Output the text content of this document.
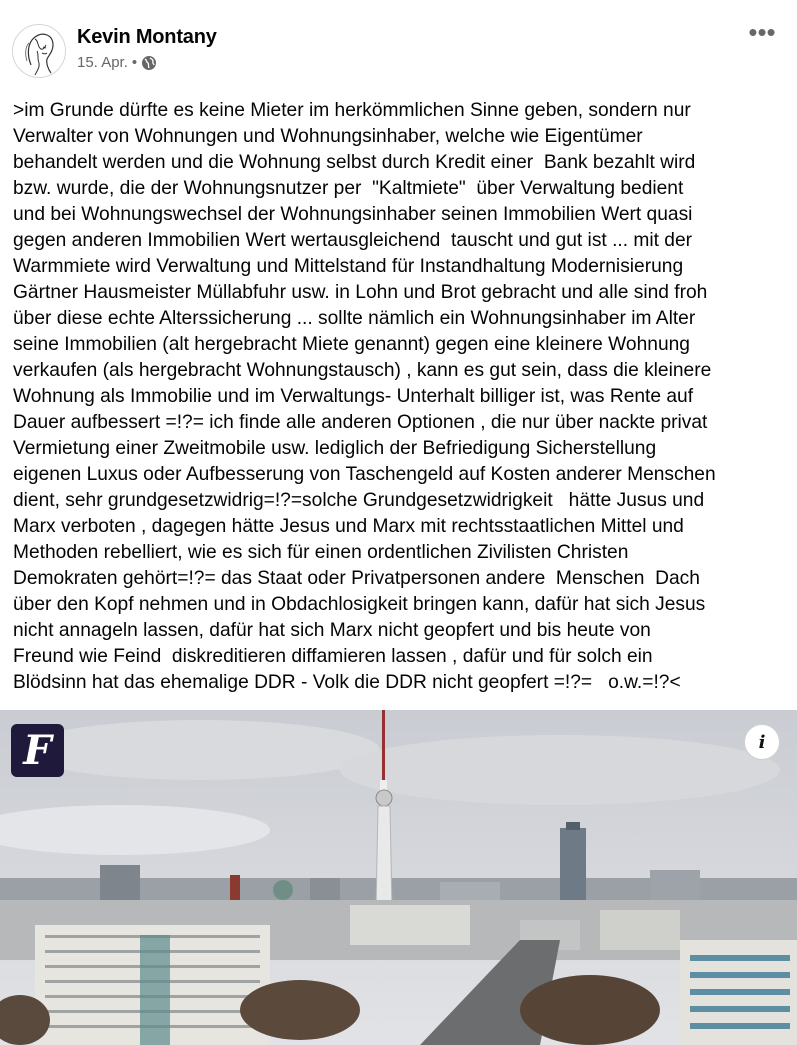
Kevin Montany
15. Apr. •
•••

>im Grunde dürfte es keine Mieter im herkömmlichen Sinne geben, sondern nur
Verwalter von Wohnungen und Wohnungsinhaber, welche wie Eigentümer
behandelt werden und die Wohnung selbst durch Kredit einer  Bank bezahlt wird
bzw. wurde, die der Wohnungsnutzer per  "Kaltmiete"  über Verwaltung bedient
und bei Wohnungswechsel der Wohnungsinhaber seinen Immobilien Wert quasi
gegen anderen Immobilien Wert wertausgleichend  tauscht und gut ist ... mit der
Warmmiete wird Verwaltung und Mittelstand für Instandhaltung Modernisierung
Gärtner Hausmeister Müllabfuhr usw. in Lohn und Brot gebracht und alle sind froh
über diese echte Alterssicherung ... sollte nämlich ein Wohnungsinhaber im Alter
seine Immobilien (alt hergebracht Miete genannt) gegen eine kleinere Wohnung
verkaufen (als hergebracht Wohnungstausch) , kann es gut sein, dass die kleinere
Wohnung als Immobilie und im Verwaltungs- Unterhalt billiger ist, was Rente auf
Dauer aufbessert =!?= ich finde alle anderen Optionen , die nur über nackte privat
Vermietung einer Zweitmobile usw. lediglich der Befriedigung Sicherstellung
eigenen Luxus oder Aufbesserung von Taschengeld auf Kosten anderer Menschen
dient, sehr grundgesetzwidrig=!?=solche Grundgesetzwidrigkeit   hätte Jusus und
Marx verboten , dagegen hätte Jesus und Marx mit rechtsstaatlichen Mittel und
Methoden rebelliert, wie es sich für einen ordentlichen Zivilisten Christen
Demokraten gehört=!?= das Staat oder Privatpersonen andere  Menschen  Dach
über den Kopf nehmen und in Obdachlosigkeit bringen kann, dafür hat sich Jesus
nicht annageln lassen, dafür hat sich Marx nicht geopfert und bis heute von
Freund wie Feind  diskreditieren diffamieren lassen , dafür und für solch ein
Blödsinn hat das ehemalige DDR - Volk die DDR nicht geopfert =!?=   o.w.=!?<

F	i
